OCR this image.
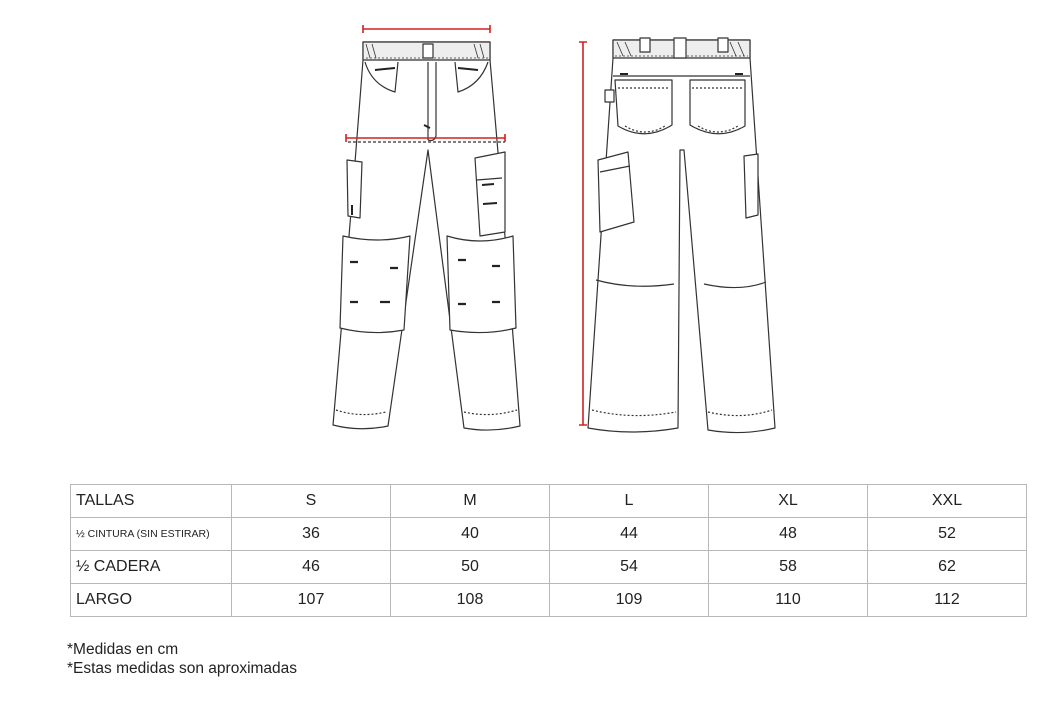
TALLAS	S	M	L	XL	XXL
½ CINTURA (SIN ESTIRAR)	36	40	44	48	52
½ CADERA	46	50	54	58	62
LARGO	107	108	109	110	112
*Medidas en cm
*Estas medidas son aproximadas
